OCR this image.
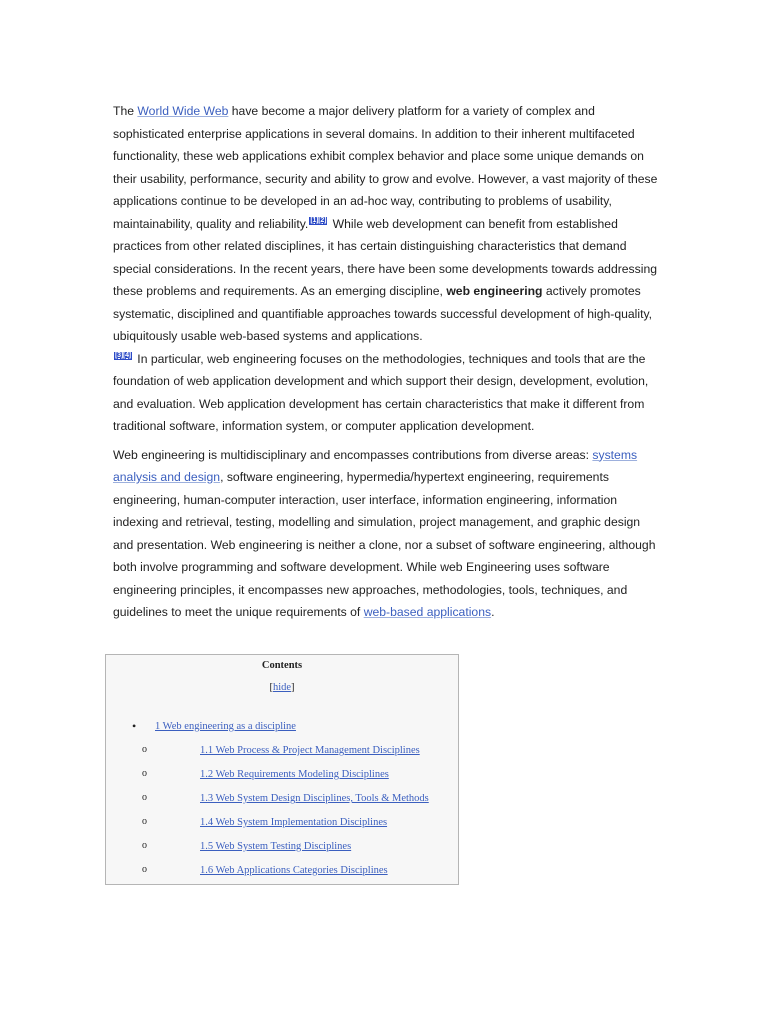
The World Wide Web have become a major delivery platform for a variety of complex and sophisticated enterprise applications in several domains. In addition to their inherent multifaceted functionality, these web applications exhibit complex behavior and place some unique demands on their usability, performance, security and ability to grow and evolve. However, a vast majority of these applications continue to be developed in an ad-hoc way, contributing to problems of usability, maintainability, quality and reliability. [1][2] While web development can benefit from established practices from other related disciplines, it has certain distinguishing characteristics that demand special considerations. In the recent years, there have been some developments towards addressing these problems and requirements. As an emerging discipline, web engineering actively promotes systematic, disciplined and quantifiable approaches towards successful development of high-quality, ubiquitously usable web-based systems and applications.
[3][4] In particular, web engineering focuses on the methodologies, techniques and tools that are the foundation of web application development and which support their design, development, evolution, and evaluation. Web application development has certain characteristics that make it different from traditional software, information system, or computer application development.

Web engineering is multidisciplinary and encompasses contributions from diverse areas: systems analysis and design, software engineering, hypermedia/hypertext engineering, requirements engineering, human-computer interaction, user interface, information engineering, information indexing and retrieval, testing, modelling and simulation, project management, and graphic design and presentation. Web engineering is neither a clone, nor a subset of software engineering, although both involve programming and software development. While web Engineering uses software engineering principles, it encompasses new approaches, methodologies, tools, techniques, and guidelines to meet the unique requirements of web-based applications.

Contents
[hide]
• 1 Web engineering as a discipline
o	1.1 Web Process & Project Management Disciplines
o	1.2 Web Requirements Modeling Disciplines
o	1.3 Web System Design Disciplines, Tools & Methods
o	1.4 Web System Implementation Disciplines
o	1.5 Web System Testing Disciplines
o	1.6 Web Applications Categories Disciplines
